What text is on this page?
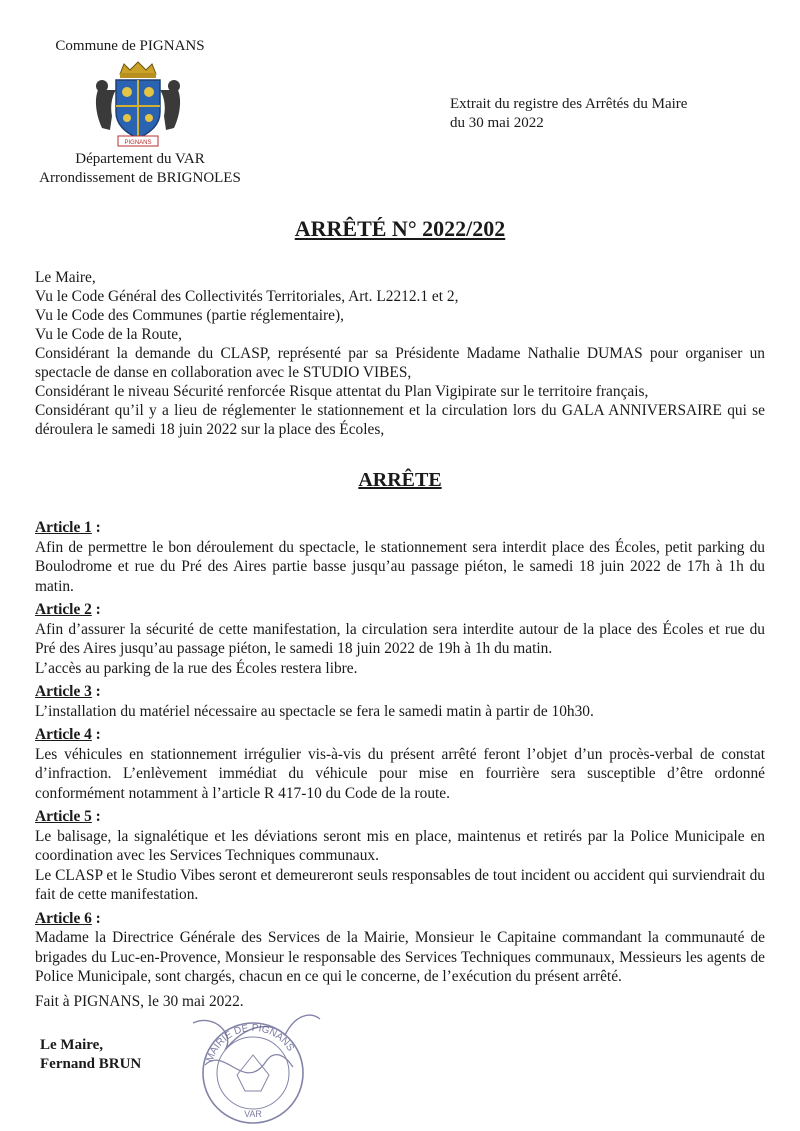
Commune de PIGNANS
PIGNANS
Département du VAR
Arrondissement de BRIGNOLES
Extrait du registre des Arrêtés du Maire
du 30 mai 2022
ARRÊTÉ N° 2022/202

Le Maire,

Vu le Code Général des Collectivités Territoriales, Art. L2212.1 et 2,

Vu le Code des Communes (partie réglementaire),

Vu le Code de la Route,

Considérant la demande du CLASP, représenté par sa Présidente Madame Nathalie DUMAS pour organiser un spectacle de danse en collaboration avec le STUDIO VIBES,

Considérant le niveau Sécurité renforcée Risque attentat du Plan Vigipirate sur le territoire français,

Considérant qu’il y a lieu de réglementer le stationnement et la circulation lors du GALA ANNIVERSAIRE qui se déroulera le samedi 18 juin 2022 sur la place des Écoles,

ARRÊTE
Article 1 :

Afin de permettre le bon déroulement du spectacle, le stationnement sera interdit place des Écoles, petit parking du Boulodrome et rue du Pré des Aires partie basse jusqu’au passage piéton, le samedi 18 juin 2022 de 17h à 1h du matin.

Article 2 :

Afin d’assurer la sécurité de cette manifestation, la circulation sera interdite autour de la place des Écoles et rue du Pré des Aires jusqu’au passage piéton, le samedi 18 juin 2022 de 19h à 1h du matin.

L’accès au parking de la rue des Écoles restera libre.

Article 3 :

L’installation du matériel nécessaire au spectacle se fera le samedi matin à partir de 10h30.

Article 4 :

Les véhicules en stationnement irrégulier vis-à-vis du présent arrêté feront l’objet d’un procès-verbal de constat d’infraction. L’enlèvement immédiat du véhicule pour mise en fourrière sera susceptible d’être ordonné conformément notamment à l’article R 417-10 du Code de la route.

Article 5 :

Le balisage, la signalétique et les déviations seront mis en place, maintenus et retirés par la Police Municipale en coordination avec les Services Techniques communaux.

Le CLASP et le Studio Vibes seront et demeureront seuls responsables de tout incident ou accident qui surviendrait du fait de cette manifestation.

Article 6 :

Madame la Directrice Générale des Services de la Mairie, Monsieur le Capitaine commandant la communauté de brigades du Luc-en-Provence, Monsieur le responsable des Services Techniques communaux, Messieurs les agents de Police Municipale, sont chargés, chacun en ce qui le concerne, de l’exécution du présent arrêté.

Fait à PIGNANS, le 30 mai 2022.
Le Maire,
Fernand BRUN	MAIRIE DE PIGNANS
VAR
